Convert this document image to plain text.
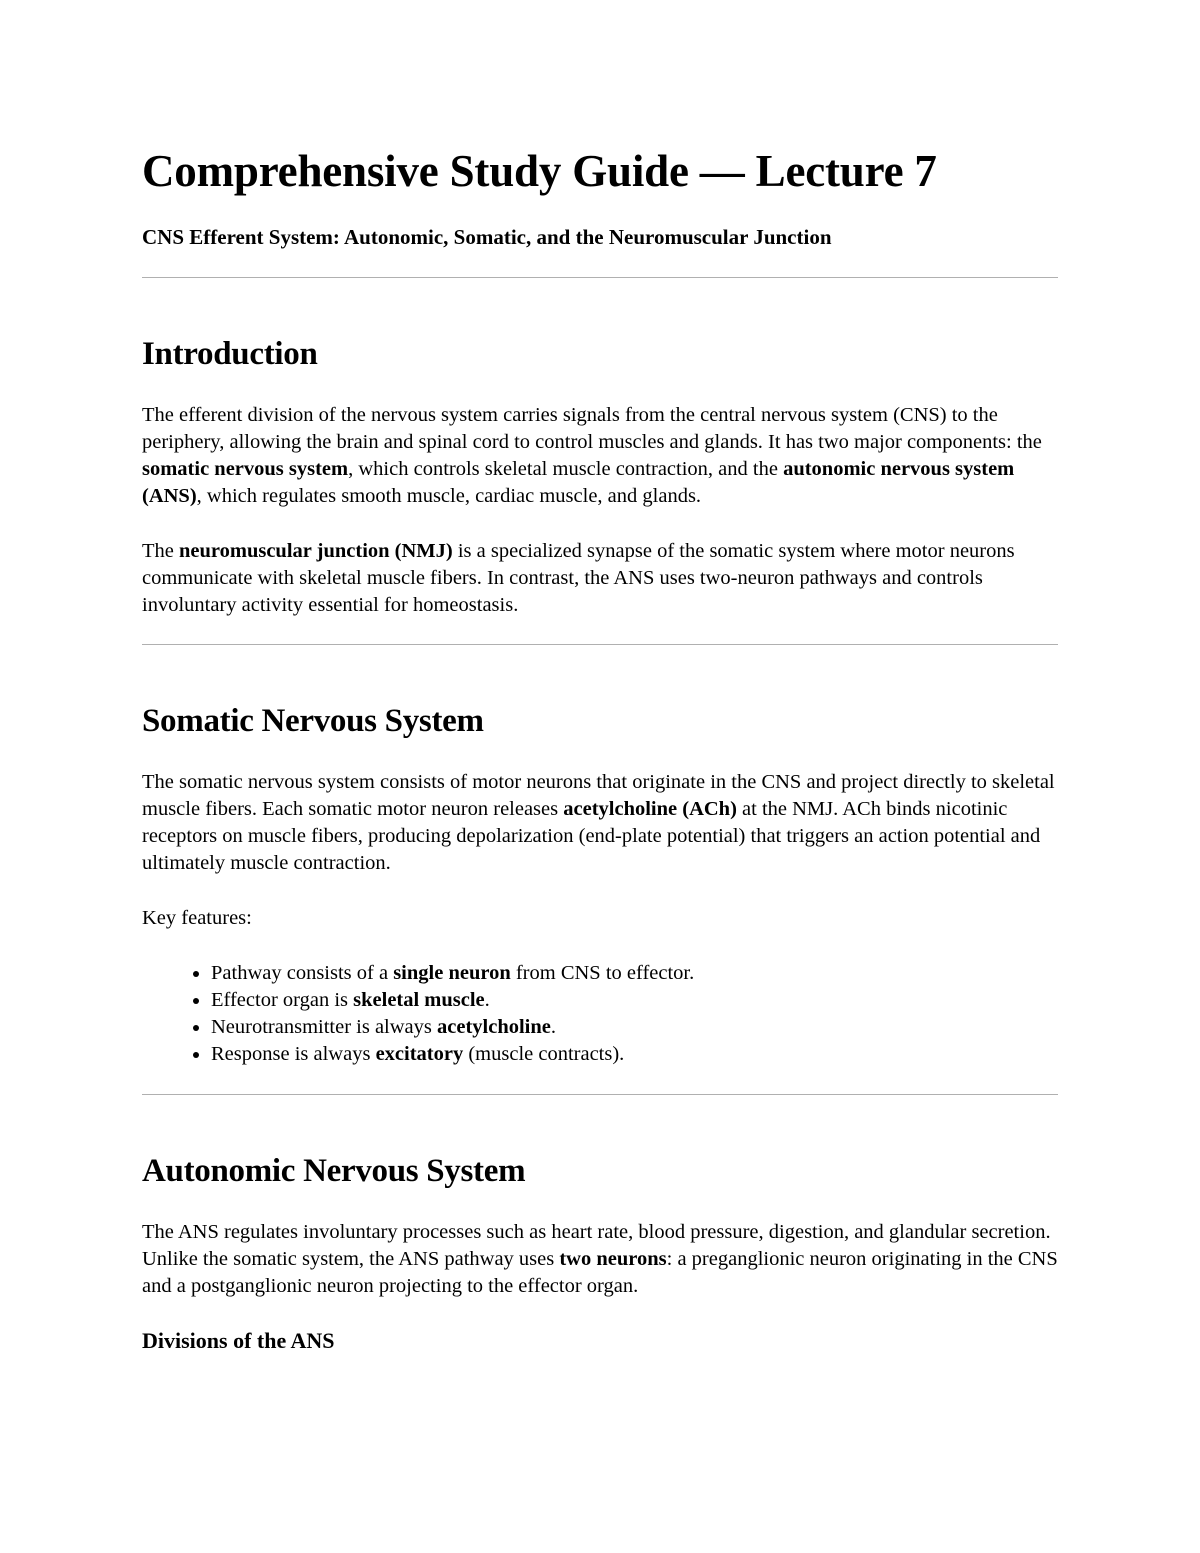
Comprehensive Study Guide — Lecture 7
CNS Efferent System: Autonomic, Somatic, and the Neuromuscular Junction
Introduction

The efferent division of the nervous system carries signals from the central nervous system (CNS) to the periphery, allowing the brain and spinal cord to control muscles and glands. It has two major components: the somatic nervous system, which controls skeletal muscle contraction, and the autonomic nervous system (ANS), which regulates smooth muscle, cardiac muscle, and glands.

The neuromuscular junction (NMJ) is a specialized synapse of the somatic system where motor neurons communicate with skeletal muscle fibers. In contrast, the ANS uses two-neuron pathways and controls involuntary activity essential for homeostasis.

Somatic Nervous System

The somatic nervous system consists of motor neurons that originate in the CNS and project directly to skeletal muscle fibers. Each somatic motor neuron releases acetylcholine (ACh) at the NMJ. ACh binds nicotinic receptors on muscle fibers, producing depolarization (end-plate potential) that triggers an action potential and ultimately muscle contraction.

Key features:

• Pathway consists of a single neuron from CNS to effector.
• Effector organ is skeletal muscle.
• Neurotransmitter is always acetylcholine.
• Response is always excitatory (muscle contracts).
Autonomic Nervous System

The ANS regulates involuntary processes such as heart rate, blood pressure, digestion, and glandular secretion. Unlike the somatic system, the ANS pathway uses two neurons: a preganglionic neuron originating in the CNS and a postganglionic neuron projecting to the effector organ.

Divisions of the ANS
